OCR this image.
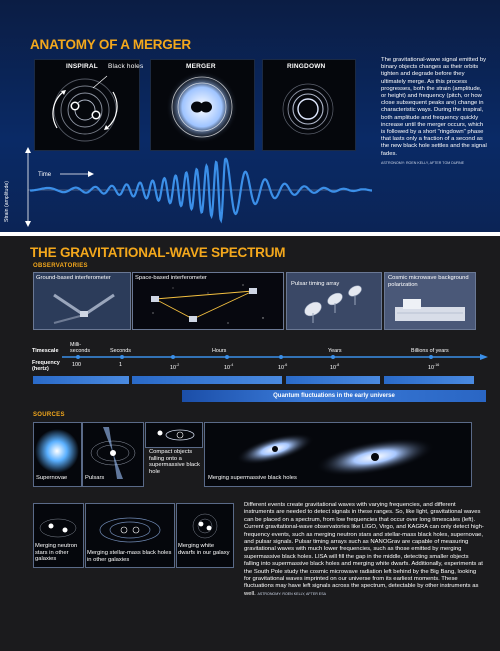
ANATOMY OF A MERGER
INSPIRAL Black holes	MERGER	RINGDOWN
Time
Strain (amplitude)
The gravitational-wave signal emitted by binary objects changes as their orbits tighten and degrade before they ultimately merge. As this process progresses, both the strain (amplitude, or height) and frequency (pitch, or how close subsequent peaks are) change in characteristic ways. During the inspiral, both amplitude and frequency quickly increase until the merger occurs, which is followed by a short "ringdown" phase that lasts only a fraction of a second as the new black hole settles and the signal fades.
ASTRONOMY: ROEN KELLY, AFTER TOM DURNE
THE GRAVITATIONAL-WAVE SPECTRUM
OBSERVATORIES
Ground-based interferometer	Space-based interferometer
Pulsar timing array
Cosmic microwave background polarization
Timescale
Frequency (hertz)
Milli-seconds	Seconds	Hours	Years	Billions of years
100	1	$10^{-2}$	$10^{-4}$	$10^{-6}$	$10^{-8}$	$10^{-16}$
Quantum fluctuations in the early universe
SOURCES
Supernovae	Pulsars
Compact objects falling onto a supermassive black hole
Merging supermassive black holes
Merging neutron stars in other galaxies
Merging stellar-mass black holes in other galaxies
Merging white dwarfs in our galaxy
Different events create gravitational waves with varying frequencies, and different instruments are needed to detect signals in these ranges. So, like light, gravitational waves can be placed on a spectrum, from low frequencies that occur over long timescales (left). Current gravitational-wave observatories like LIGO, Virgo, and KAGRA can only detect high-frequency events, such as merging neutron stars and stellar-mass black holes, supernovae, and pulsar signals. Pulsar timing arrays such as NANOGrav are capable of measuring gravitational waves with much lower frequencies, such as those emitted by merging supermassive black holes. LISA will fill the gap in the middle, detecting smaller objects falling into supermassive black holes and merging white dwarfs. Additionally, experiments at the South Pole study the cosmic microwave radiation left behind by the Big Bang, looking for gravitational waves imprinted on our universe from its earliest moments. These fluctuations may have left signals across the spectrum, detectable by other instruments as well. ASTRONOMY: ROEN KELLY, AFTER ESA
